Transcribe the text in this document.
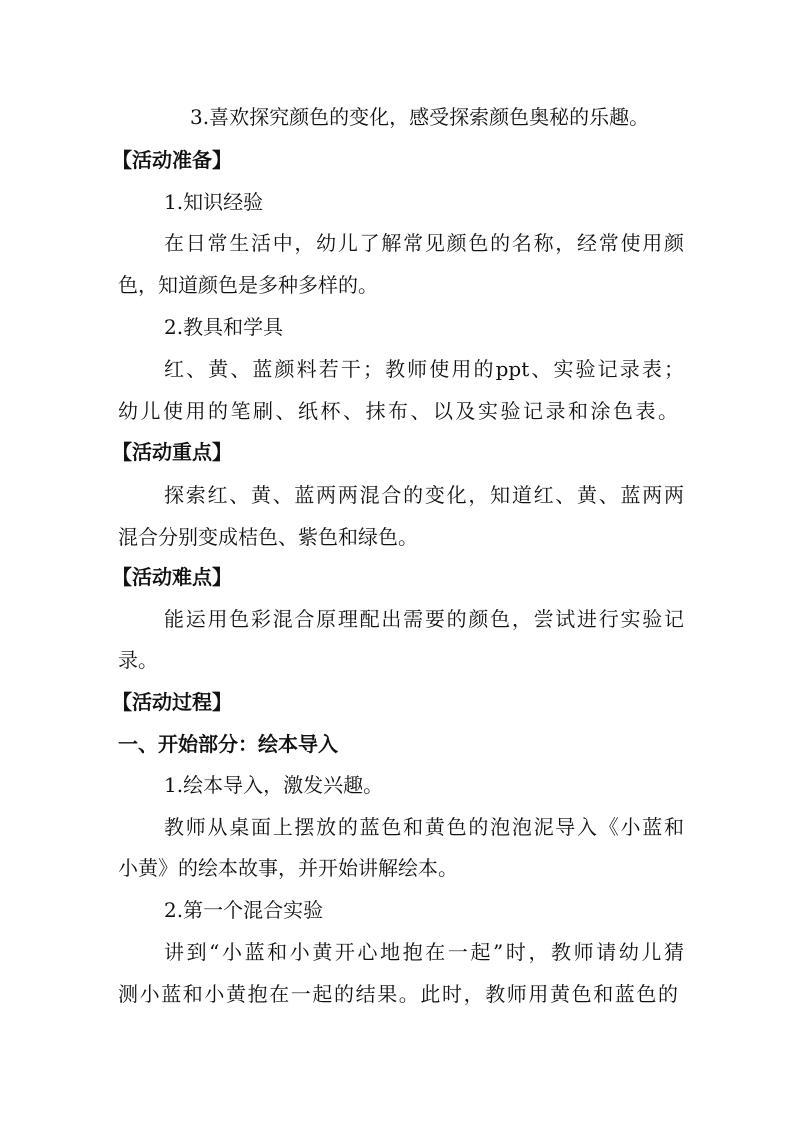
3.喜欢探究颜色的变化，感受探索颜色奥秘的乐趣。
【活动准备】
1.知识经验
在日常生活中，幼儿了解常见颜色的名称，经常使用颜
色，知道颜色是多种多样的。
2.教具和学具
红、黄、蓝颜料若干；教师使用的ppt、实验记录表；
幼儿使用的笔刷、纸杯、抹布、以及实验记录和涂色表。
【活动重点】
探索红、黄、蓝两两混合的变化，知道红、黄、蓝两两
混合分别变成桔色、紫色和绿色。
【活动难点】
能运用色彩混合原理配出需要的颜色，尝试进行实验记
录。
【活动过程】
一、开始部分：绘本导入
1.绘本导入，激发兴趣。
教师从桌面上摆放的蓝色和黄色的泡泡泥导入《小蓝和
小黄》的绘本故事，并开始讲解绘本。
2.第一个混合实验
讲到“小蓝和小黄开心地抱在一起”时，教师请幼儿猜
测小蓝和小黄抱在一起的结果。此时，教师用黄色和蓝色的
